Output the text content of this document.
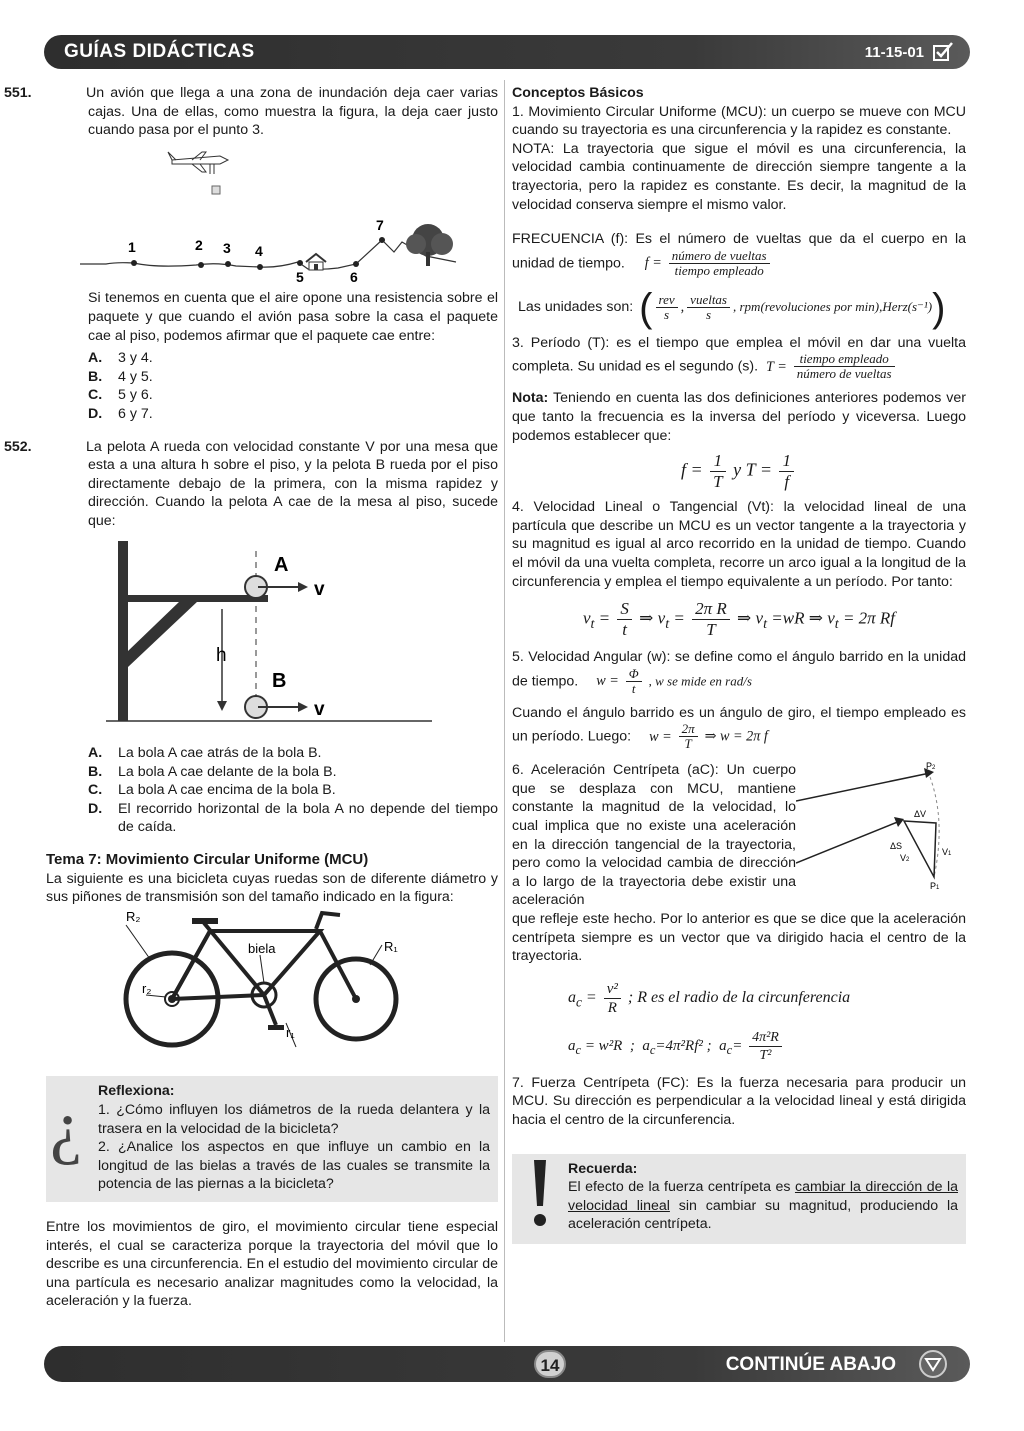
GUÍAS DIDÁCTICAS	11-15-01

551.	Un avión que llega a una zona de inundación deja caer varias cajas. Una de ellas, como muestra la figura, la deja caer justo cuando pasa por el punto 3.

1	2 3 4
5	6
7

Si tenemos en cuenta que el aire opone una resistencia sobre el paquete y que cuando el avión pasa sobre la casa el paquete cae al piso, podemos afirmar que el paquete cae entre:

A.	3 y 4.
B.	4 y 5.
C.	5 y 6.
D.	6 y 7.

552.	La pelota A rueda con velocidad constante V por una mesa que esta a una altura h sobre el piso, y la pelota B rueda por el piso directamente debajo de la primera, con la misma rapidez y dirección. Cuando la pelota A cae de la mesa al piso, sucede que:

A
v
B
v
h
A.	La bola A cae atrás de la bola B.
B.	La bola A cae delante de la bola B.
C.	La bola A cae encima de la bola B.
D.	El recorrido horizontal de la bola A no depende del tiempo de caída.

Tema 7: Movimiento Circular Uniforme (MCU)

La siguiente es una bicicleta cuyas ruedas son de diferente diámetro y sus piñones de transmisión son del tamaño indicado en la figura:

R₂
r₂
biela	R₁
r₁
¿ Reflexiona:

1. ¿Cómo influyen los diámetros de la rueda delantera y la trasera en la velocidad de la bicicleta?

2. ¿Analice los aspectos en que influye un cambio en la longitud de las bielas a través de las cuales se transmite la potencia de las piernas a la bicicleta?

Entre los movimientos de giro, el movimiento circular tiene especial interés, el cual se caracteriza porque la trayectoria del móvil que lo describe es una circunferencia. En el estudio del movimiento circular de una partícula es necesario analizar magnitudes como la velocidad, la aceleración y la fuerza.

Conceptos Básicos

1. Movimiento Circular Uniforme (MCU): un cuerpo se mueve con MCU cuando su trayectoria es una circunferencia y la rapidez es constante.

NOTA: La trayectoria que sigue el móvil es una circunferencia, la velocidad cambia continuamente de dirección siempre tangente a la trayectoria, pero la rapidez es constante. Es decir, la magnitud de la velocidad conserva siempre el mismo valor.

FRECUENCIA (f): Es el número de vueltas que da el cuerpo en la unidad de tiempo. $f = \frac{\text{número de vueltas}}{\text{tiempo empleado}}$

Las unidades son: ( $\frac{\text{rev}}{s}$ , $\frac{\text{vueltas}}{s}$ , rpm(revoluciones por min),Herz(s⁻¹) )

3. Período (T): es el tiempo que emplea el móvil en dar una vuelta completa. Su unidad es el segundo (s). $T = \frac{\text{tiempo empleado}}{\text{número de vueltas}}$

Nota: Teniendo en cuenta las dos definiciones anteriores podemos ver que tanto la frecuencia es la inversa del período y viceversa. Luego podemos establecer que:

$f = \frac{1}{T}$ y $T = \frac{1}{f}$

4. Velocidad Lineal o Tangencial (Vt): la velocidad lineal de una partícula que describe un MCU es un vector tangente a la trayectoria y su magnitud es igual al arco recorrido en la unidad de tiempo. Cuando el móvil da una vuelta completa, recorre un arco igual a la longitud de la circunferencia y emplea el tiempo equivalente a un período. Por tanto:

$v_t = \frac{S}{t}$ ⇒ $v_t = \frac{\text{2π R}}{T}$ ⇒ $v_t =wR$ ⇒ $v_t = 2\pi$ Rf

5. Velocidad Angular (w): se define como el ángulo barrido en la unidad de tiempo. $w = \frac{\Phi}{t}$ , w se mide en rad/s

Cuando el ángulo barrido es un ángulo de giro, el tiempo empleado es un período. Luego: $w = \frac{2\pi}{T}$ ⇒ w = 2π f

6. Aceleración Centrípeta (aC): Un cuerpo que se desplaza con MCU, mantiene constante la magnitud de la velocidad, lo cual implica que no existe una aceleración en la dirección tangencial de la trayectoria, pero como la velocidad cambia de dirección a lo largo de la trayectoria debe existir una aceleración

P2
P1
ΔV
ΔS
V2
V1

que refleje este hecho. Por lo anterior es que se dice que la aceleración centrípeta siempre es un vector que va dirigido hacia el centro de la trayectoria.

$a_c = \frac{\text{v²}}{R}$ ; R es el radio de la circunferencia
$a_c = w^2R$  ;  $a_c=4\pi^2Rf^2$ ;  $a_c= \frac{\text{4π²R}}{\text{T²}}$

7. Fuerza Centrípeta (FC): Es la fuerza necesaria para producir un MCU. Su dirección es perpendicular a la velocidad lineal y está dirigida hacia el centro de la circunferencia.

Recuerda:

El efecto de la fuerza centrípeta es cambiar la dirección de la velocidad lineal sin cambiar su magnitud, produciendo la aceleración centrípeta.

14	CONTINÚE ABAJO
